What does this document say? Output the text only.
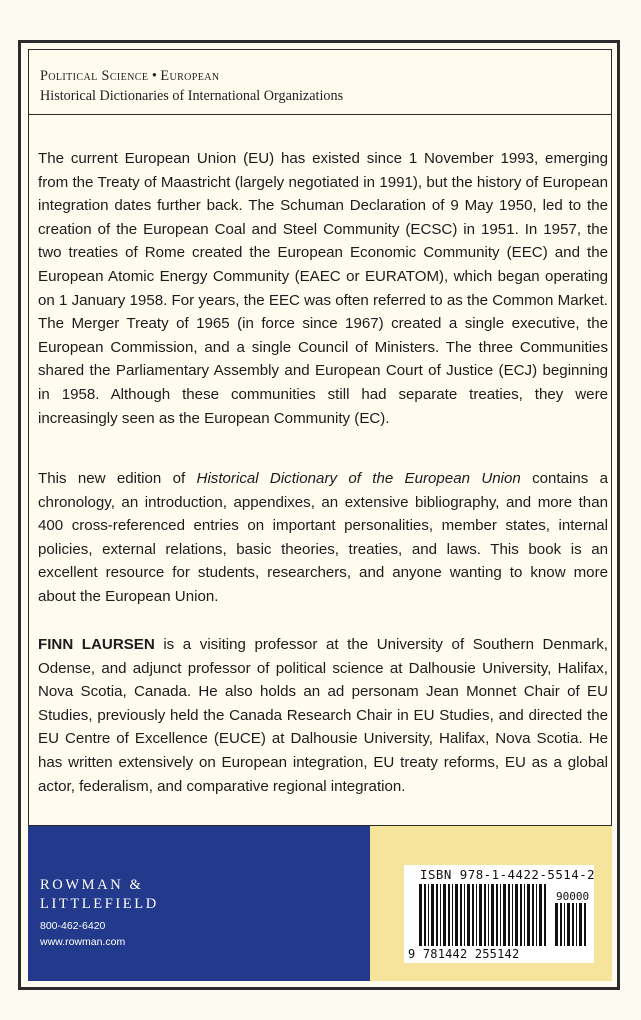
Political Science • European
Historical Dictionaries of International Organizations

The current European Union (EU) has existed since 1 November 1993, emerging from the Treaty of Maastricht (largely negotiated in 1991), but the history of European integration dates further back. The Schuman Declaration of 9 May 1950, led to the creation of the European Coal and Steel Community (ECSC) in 1951. In 1957, the two treaties of Rome created the European Economic Community (EEC) and the European Atomic Energy Community (EAEC or EURATOM), which began operating on 1 January 1958. For years, the EEC was often referred to as the Common Market. The Merger Treaty of 1965 (in force since 1967) created a single executive, the European Commission, and a single Council of Ministers. The three Communities shared the Parliamentary Assembly and European Court of Justice (ECJ) beginning in 1958. Although these communities still had separate treaties, they were increasingly seen as the European Community (EC).

This new edition of Historical Dictionary of the European Union contains a chronology, an introduction, appendixes, an extensive bibliography, and more than 400 cross-referenced entries on important personalities, member states, internal policies, external relations, basic theories, treaties, and laws. This book is an excellent resource for students, researchers, and anyone wanting to know more about the European Union.

FINN LAURSEN is a visiting professor at the University of Southern Denmark, Odense, and adjunct professor of political science at Dalhousie University, Halifax, Nova Scotia, Canada. He also holds an ad personam Jean Monnet Chair of EU Studies, previously held the Canada Research Chair in EU Studies, and directed the EU Centre of Excellence (EUCE) at Dalhousie University, Halifax, Nova Scotia. He has written extensively on European integration, EU treaty reforms, EU as a global actor, federalism, and comparative regional integration.

ROWMAN &
LITTLEFIELD
800-462-6420
www.rowman.com
ISBN 978-1-4422-5514-2
90000
9 781442 255142
